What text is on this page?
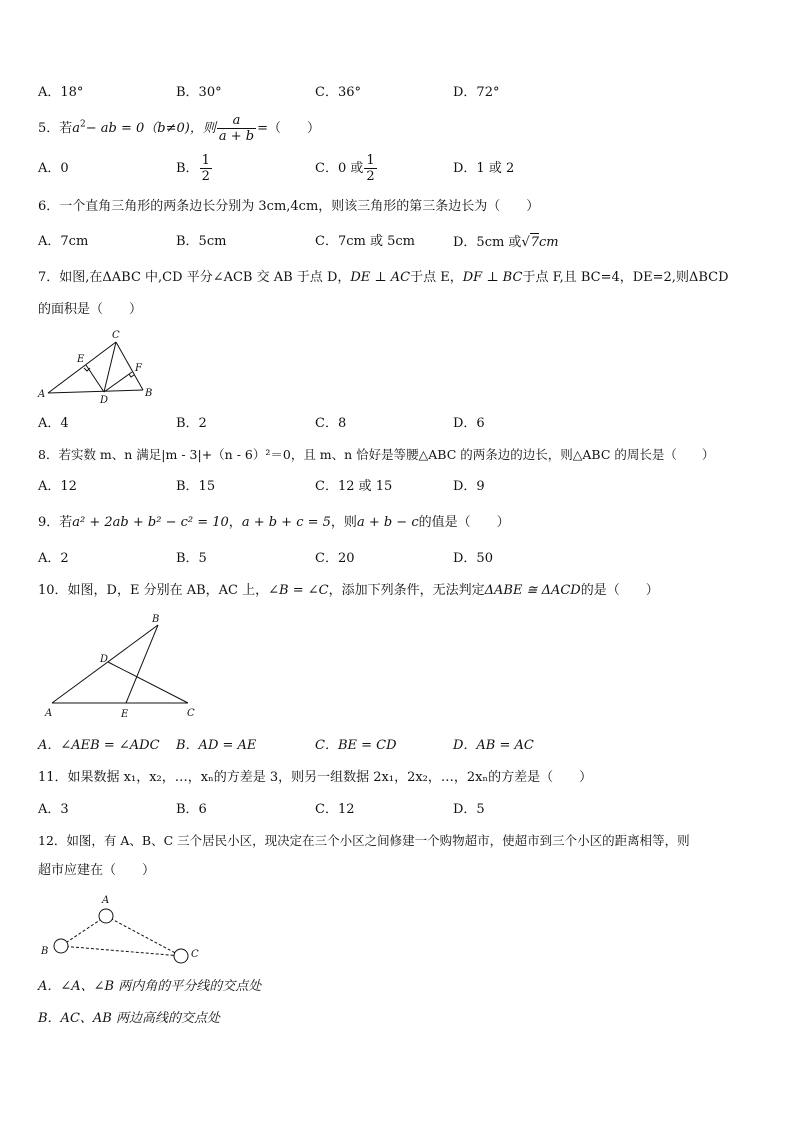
A．18°	B．30°	C．36°	D．72°
5．若$a^2-$ ab = 0（b≠0)，则 $\frac{a}{a + b}$ =（　　）
A．0	B． $\frac{1}{2}$	C．0 或 $\frac{1}{2}$	D．1 或 2
6．一个直角三角形的两条边长分别为 3cm,4cm，则该三角形的第三条边长为（　　）
A．7cm	B．5cm	C．7cm 或 5cm	D．5cm 或√7cm
7．如图,在ΔABC 中,CD 平分∠ACB 交 AB 于点 D，DE ⊥ AC于点 E，DF ⊥ BC于点 F,且 BC=4，DE=2,则ΔBCD
的面积是（　　）
C
E
F
A
D
B
A．4	B．2	C．8	D．6
8．若实数 m、n 满足|m - 3|+（n - 6）²＝0，且 m、n 恰好是等腰△ABC 的两条边的边长，则△ABC 的周长是（　　）
A．12	B．15	C．12 或 15	D．9
9．若a² + 2ab + b² − c² = 10，a + b + c = 5，则a + b − c的值是（　　）
A．2	B．5	C．20	D．50
10．如图，D，E 分别在 AB，AC 上，∠B = ∠C，添加下列条件，无法判定ΔABE ≅ ΔACD的是（　　）
B
D
A	E	C
A．∠AEB = ∠ADC B．AD = AE	C．BE = CD	D．AB = AC
11．如果数据 x₁，x₂，…，xₙ的方差是 3，则另一组数据 2x₁，2x₂，…，2xₙ的方差是（　　）
A．3	B．6	C．12	D．5
12．如图，有 A、B、C 三个居民小区，现决定在三个小区之间修建一个购物超市，使超市到三个小区的距离相等，则
超市应建在（　　）
A
B	C
A．∠A、∠B 两内角的平分线的交点处
B．AC、AB 两边高线的交点处
